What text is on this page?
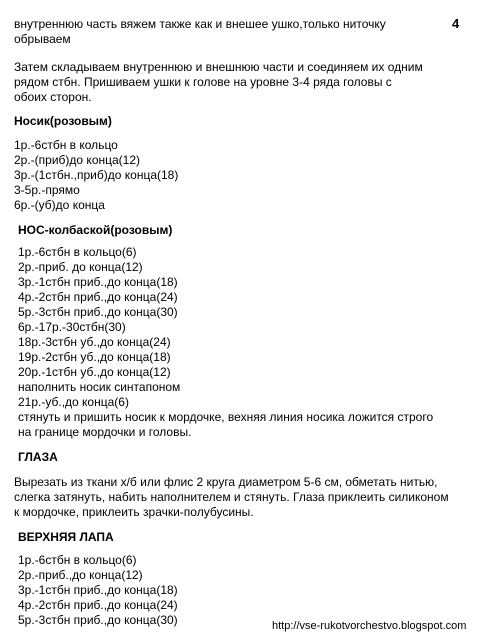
4
внутреннюю часть вяжем также как и внешее ушко,только ниточку
обрываем
Затем складываем внутреннюю и внешнюю части и соединяем их одним
рядом стбн. Пришиваем ушки к голове на уровне 3-4 ряда головы с
обоих сторон.
Носик(розовым)
1р.-6стбн в кольцо
2р.-(приб)до конца(12)
3р.-(1стбн.,приб)до конца(18)
3-5р.-прямо
6р.-(уб)до конца
НОС-колбаской(розовым)
1р.-6стбн в кольцо(6)
2р.-приб. до конца(12)
3р.-1стбн приб.,до конца(18)
4р.-2стбн приб.,до конца(24)
5р.-3стбн приб.,до конца(30)
6р.-17р.-30стбн(30)
18р.-3стбн уб.,до конца(24)
19р.-2стбн уб.,до конца(18)
20р.-1стбн уб.,до конца(12)
наполнить носик синтапоном
21р.-уб.,до конца(6)
стянуть и пришить носик к мордочке, вехняя линия носика ложится строго
на границе мордочки и головы.
ГЛАЗА
Вырезать из ткани х/б или флис 2 круга диаметром 5-6 см, обметать нитью,
слегка затянуть, набить наполнителем и стянуть. Глаза приклеить силиконом
к мордочке, приклеить зрачки-полубусины.
ВЕРХНЯЯ ЛАПА
1р.-6стбн в кольцо(6)
2р.-приб.,до конца(12)
3р.-1стбн приб.,до конца(18)
4р.-2стбн приб.,до конца(24)
5р.-3стбн приб.,до конца(30)	http://vse-rukotvorchestvo.blogspot.com
